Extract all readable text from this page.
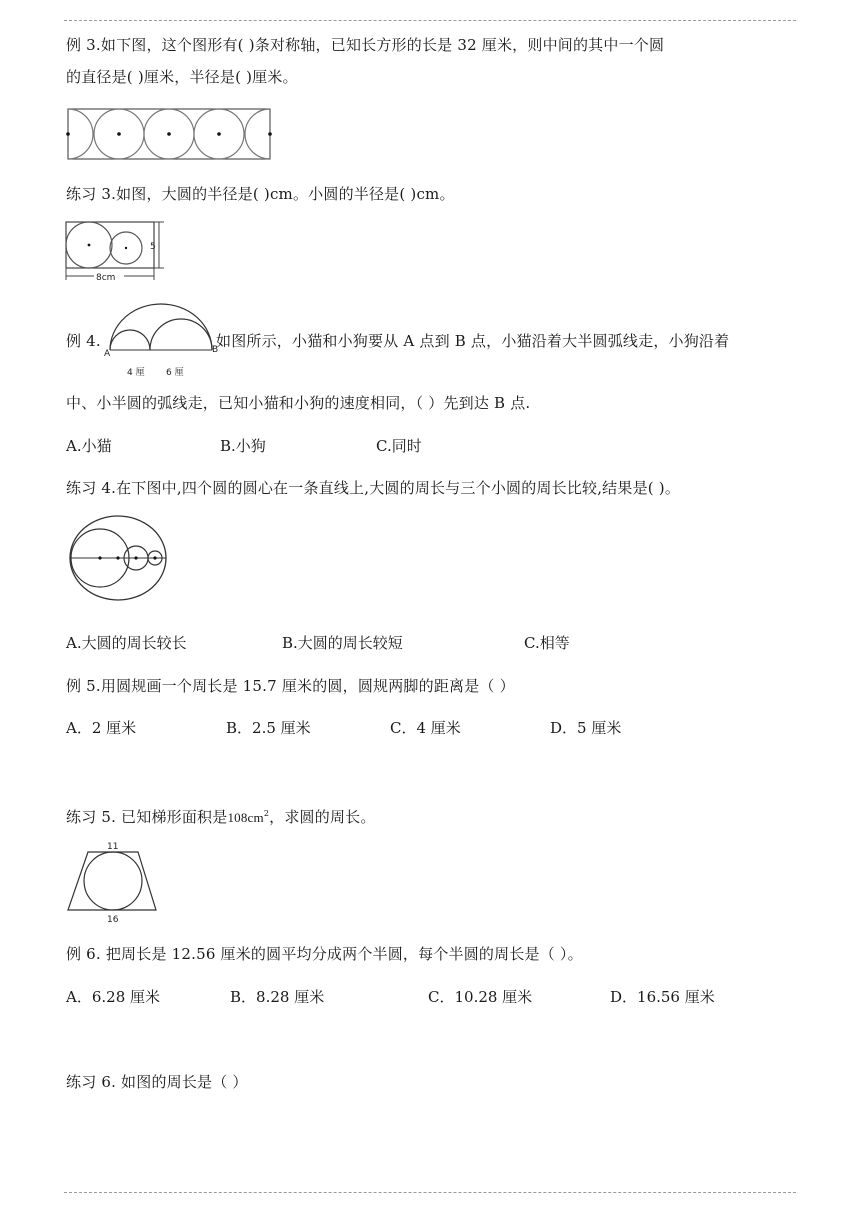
例 3.如下图，这个图形有( )条对称轴，已知长方形的长是 32 厘米，则中间的其中一个圆
的直径是( )厘米，半径是( )厘米。
练习 3.如图，大圆的半径是( )cm。小圆的半径是( )cm。
5
8cm
例 4.
A	B
4 厘 6 厘
如图所示，小猫和小狗要从 A 点到 B 点，小猫沿着大半圆弧线走，小狗沿着
中、小半圆的弧线走，已知小猫和小狗的速度相同，（ ）先到达 B 点.
A.小猫	B.小狗	C.同时
练习 4.在下图中,四个圆的圆心在一条直线上,大圆的周长与三个小圆的周长比较,结果是( )。
A.大圆的周长较长	B.大圆的周长较短	C.相等
例 5.用圆规画一个周长是 15.7 厘米的圆，圆规两脚的距离是（ ）
A．2 厘米	B．2.5 厘米	C．4 厘米	D．5 厘米
练习 5. 已知梯形面积是$108cm^2$，求圆的周长。
11
16
例 6. 把周长是 12.56 厘米的圆平均分成两个半圆，每个半圆的周长是（ ）。
A．6.28 厘米	B．8.28 厘米	C．10.28 厘米	D．16.56 厘米
练习 6. 如图的周长是（ ）
